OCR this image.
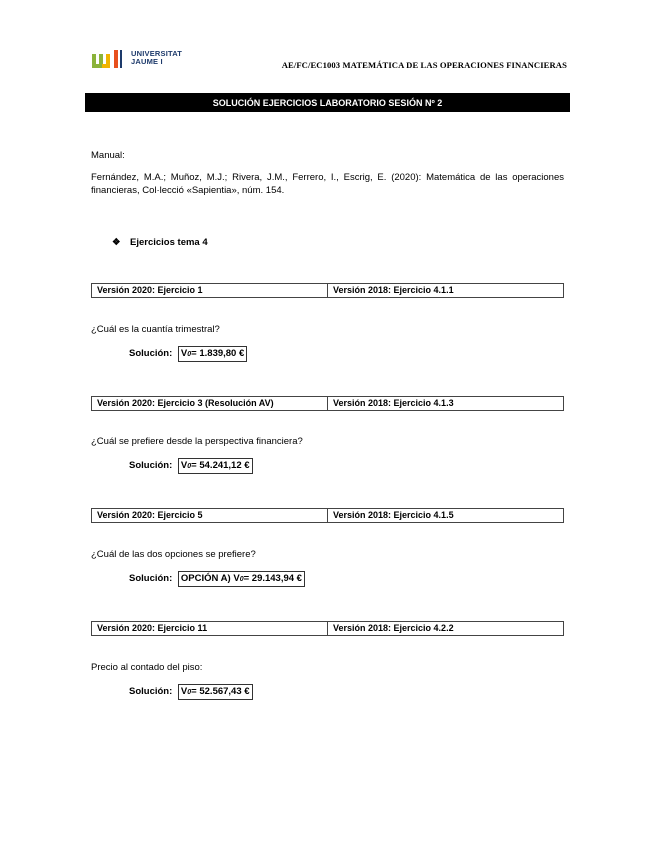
UNIVERSITAT
JAUME I	AE/FC/EC1003 MATEMÁTICA DE LAS OPERACIONES FINANCIERAS
SOLUCIÓN EJERCICIOS LABORATORIO SESIÓN Nº 2
Manual:
Fernández, M.A.; Muñoz, M.J.; Rivera, J.M., Ferrero, I., Escrig, E. (2020): Matemática de las operaciones financieras, Col·lecció «Sapientia», núm. 154.
❖ Ejercicios tema 4
Versión 2020: Ejercicio 1	Versión 2018: Ejercicio 4.1.1
¿Cuál es la cuantía trimestral?
Solución: V0= 1.839,80 €
Versión 2020: Ejercicio 3 (Resolución AV)	Versión 2018: Ejercicio 4.1.3
¿Cuál se prefiere desde la perspectiva financiera?
Solución: V0= 54.241,12 €
Versión 2020: Ejercicio 5	Versión 2018: Ejercicio 4.1.5
¿Cuál de las dos opciones se prefiere?
Solución: OPCIÓN A) V0= 29.143,94 €
Versión 2020: Ejercicio 11	Versión 2018: Ejercicio 4.2.2
Precio al contado del piso:
Solución: V0= 52.567,43 €
